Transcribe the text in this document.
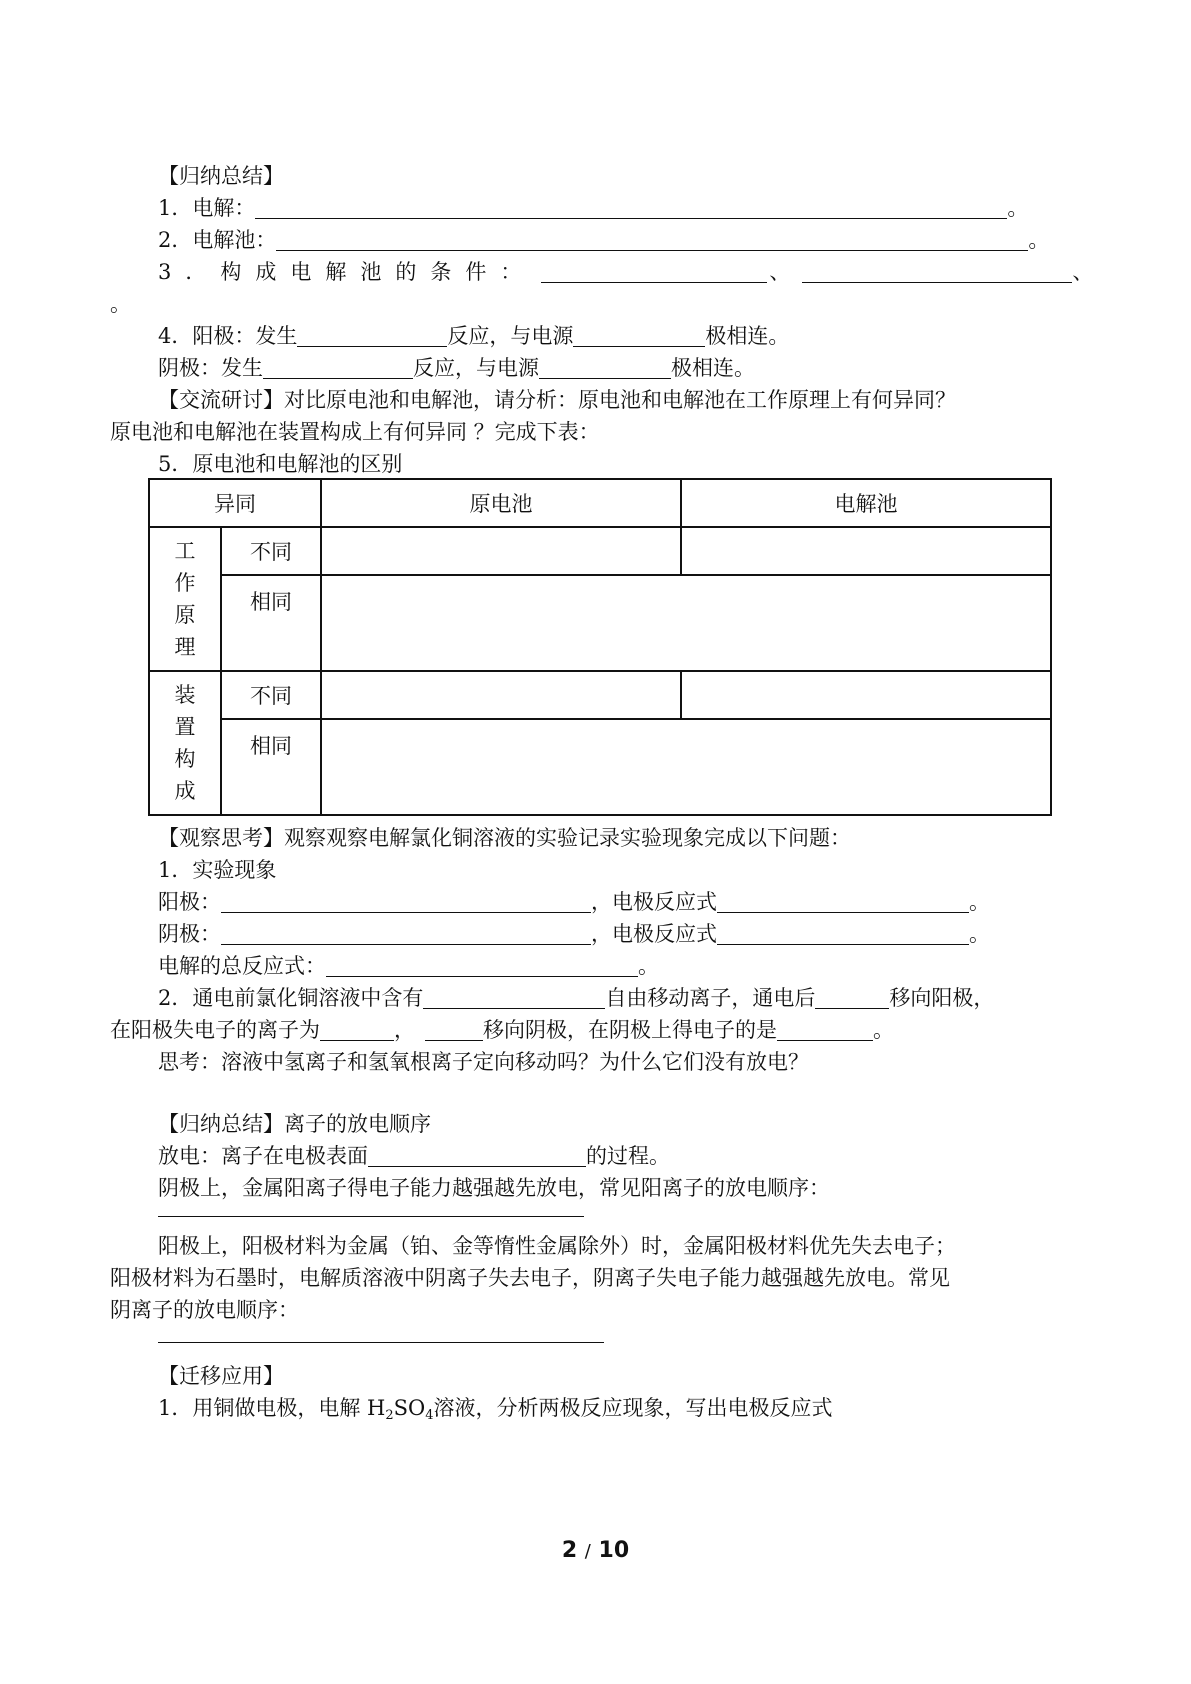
【归纳总结】
1．电解：	。
2．电解池：	。
3．构成电解池的条件：	、	、
。
4．阳极：发生	反应，与电源	极相连。
阴极：发生	反应，与电源	极相连。
【交流研讨】对比原电池和电解池，请分析：原电池和电解池在工作原理上有何异同？
原电池和电解池在装置构成上有何异同 ？完成下表：
5．原电池和电解池的区别
异同		原电池	电解池

工
作
原
理	不同		
	相同		

装
置
构
成	不同		
	相同		
【观察思考】观察观察电解氯化铜溶液的实验记录实验现象完成以下问题：
1．实验现象
阳极：	，电极反应式	。
阴极：	，电极反应式	。
电解的总反应式：	。
2．通电前氯化铜溶液中含有	自由移动离子，通电后	移向阳极，
在阳极失电子的离子为	，	移向阴极，在阴极上得电子的是	。
思考：溶液中氢离子和氢氧根离子定向移动吗？为什么它们没有放电？
【归纳总结】离子的放电顺序
放电：离子在电极表面	的过程。
阴极上，金属阳离子得电子能力越强越先放电，常见阳离子的放电顺序：
阳极上，阳极材料为金属（铂、金等惰性金属除外）时，金属阳极材料优先失去电子；
阳极材料为石墨时，电解质溶液中阴离子失去电子，阴离子失电子能力越强越先放电。常见
阴离子的放电顺序：
【迁移应用】
1．用铜做电极，电解 $H_2SO_4$溶液，分析两极反应现象，写出电极反应式
2 / 10
